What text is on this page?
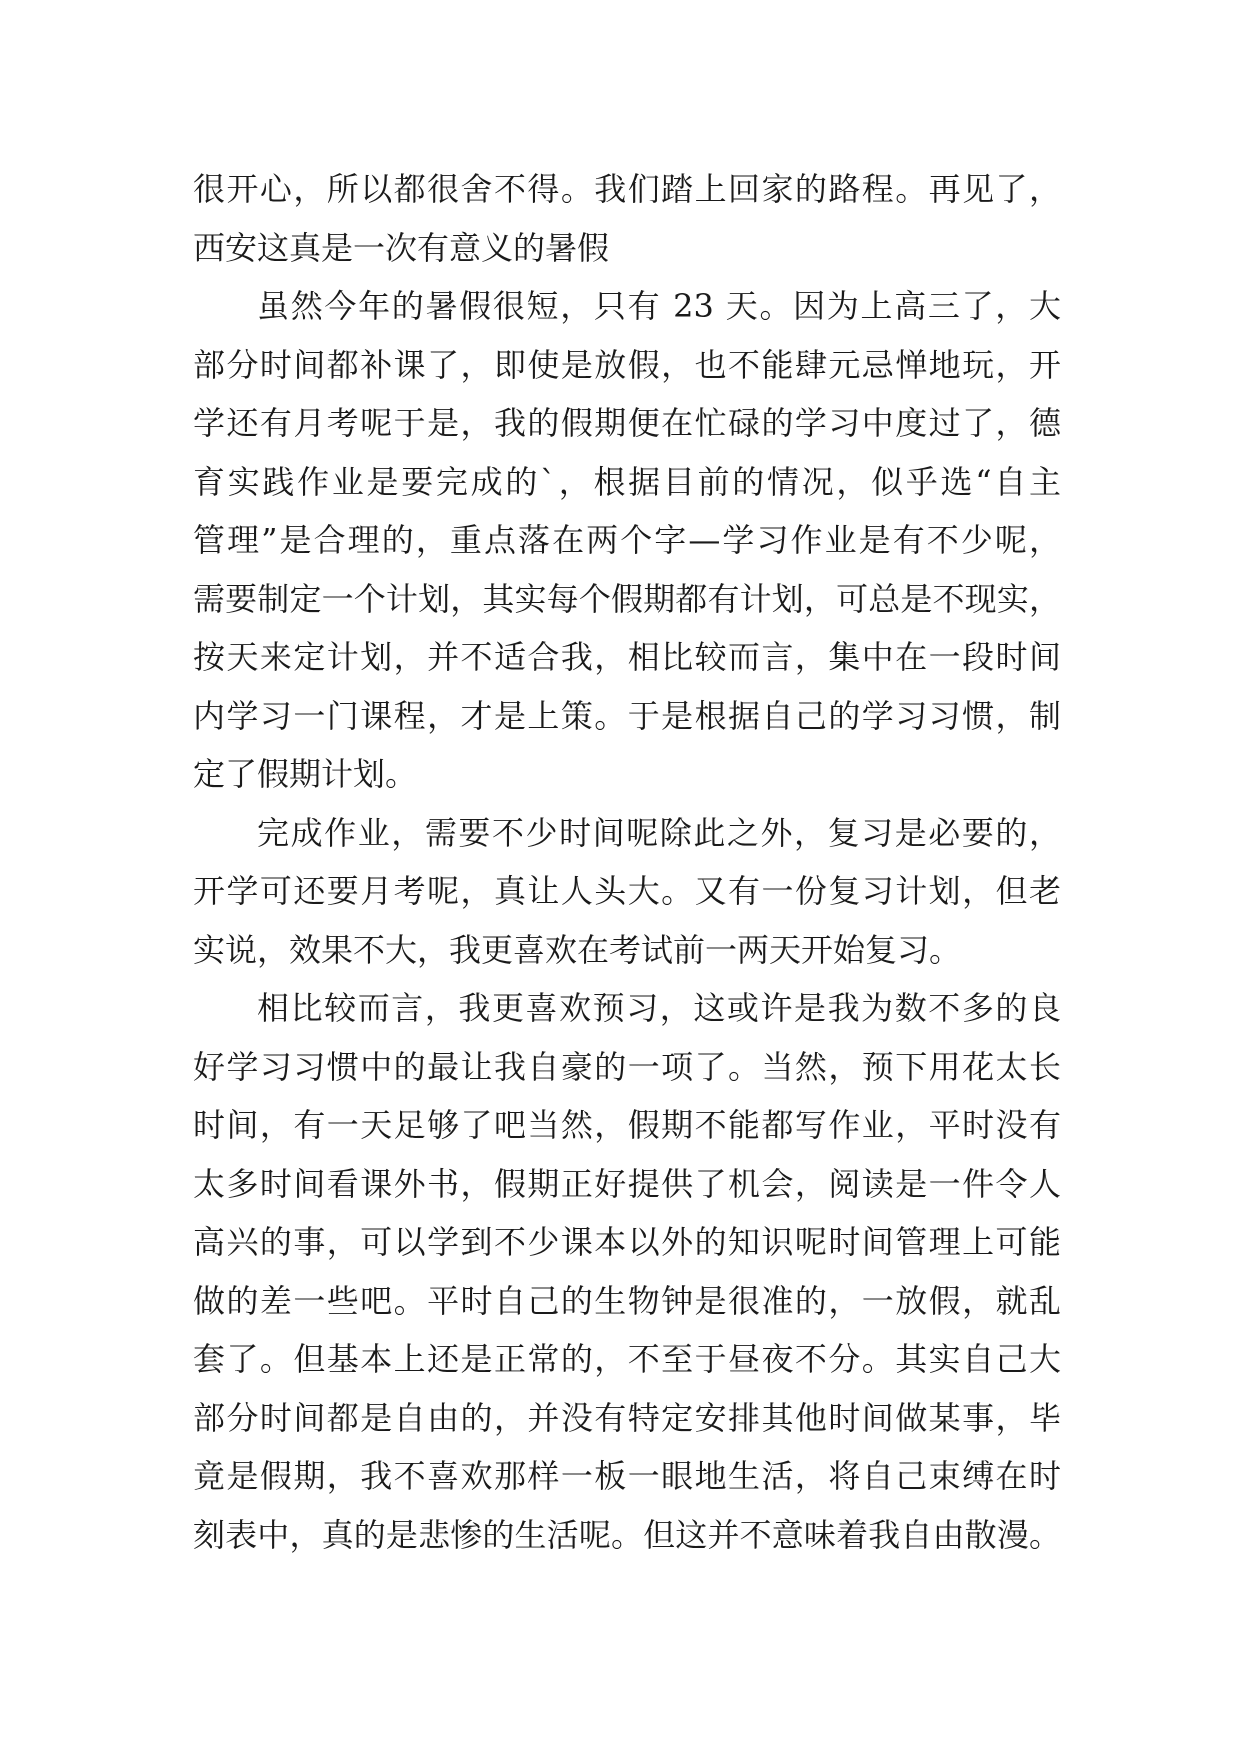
很开心，所以都很舍不得。我们踏上回家的路程。再见了，
西安这真是一次有意义的暑假
虽然今年的暑假很短，只有 23 天。因为上高三了，大
部分时间都补课了，即使是放假，也不能肆元忌惮地玩，开
学还有月考呢于是，我的假期便在忙碌的学习中度过了，德
育实践作业是要完成的`，根据目前的情况，似乎选“自主
管理”是合理的，重点落在两个字—学习作业是有不少呢，
需要制定一个计划，其实每个假期都有计划，可总是不现实，
按天来定计划，并不适合我，相比较而言，集中在一段时间
内学习一门课程，才是上策。于是根据自己的学习习惯，制
定了假期计划。
完成作业，需要不少时间呢除此之外，复习是必要的，
开学可还要月考呢，真让人头大。又有一份复习计划，但老
实说，效果不大，我更喜欢在考试前一两天开始复习。
相比较而言，我更喜欢预习，这或许是我为数不多的良
好学习习惯中的最让我自豪的一项了。当然，预下用花太长
时间，有一天足够了吧当然，假期不能都写作业，平时没有
太多时间看课外书，假期正好提供了机会，阅读是一件令人
高兴的事，可以学到不少课本以外的知识呢时间管理上可能
做的差一些吧。平时自己的生物钟是很准的，一放假，就乱
套了。但基本上还是正常的，不至于昼夜不分。其实自己大
部分时间都是自由的，并没有特定安排其他时间做某事，毕
竟是假期，我不喜欢那样一板一眼地生活，将自己束缚在时
刻表中，真的是悲惨的生活呢。但这并不意味着我自由散漫。
